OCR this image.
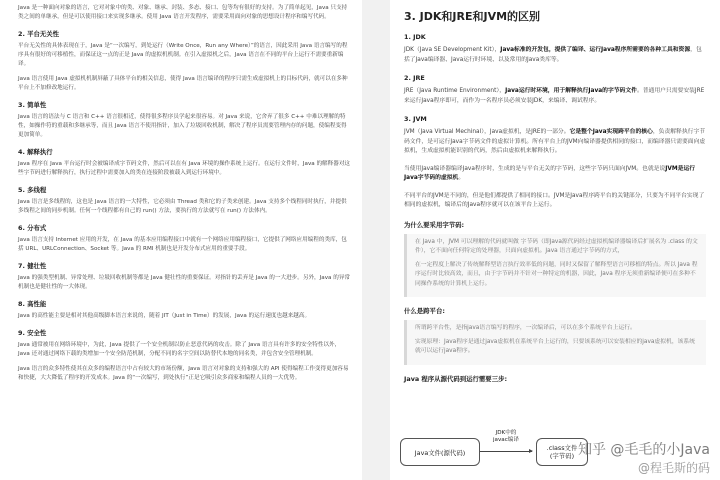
Java 是一种面向对象的语言，它对对象中的类、对象、继承、封装、多态、接口、包等均有很好的支持。为了简单起见，Java 只支持类之间的单继承，但是可以使用接口来实现多继承。使用 Java 语言开发程序，需要采用面向对象的思想设计程序和编写代码。

2. 平台无关性

平台无关性的具体表现在于，Java 是“一次编写，到处运行（Write Once，Run any Where）”的语言，因此采用 Java 语言编写的程序具有很好的可移植性，而保证这一点的正是 Java 的虚拟机机制。在引入虚拟机之后，Java 语言在不同的平台上运行不需要重新编译。

Java 语言使用 Java 虚拟机机制屏蔽了具体平台的相关信息，使得 Java 语言编译的程序只需生成虚拟机上的目标代码，就可以在多种平台上不加修改地运行。

3. 简单性

Java 语言的语法与 C 语言和 C++ 语言很相近，使得很多程序员学起来很容易。对 Java 来说，它舍弃了很多 C++ 中难以理解的特性，如操作符的重载和多继承等，而且 Java 语言不使用指针，加入了垃圾回收机制，解决了程序员需要管理内存的问题，使编程变得更加简单。

4. 解释执行

Java 程序在 Java 平台运行时会被编译成字节码文件，然后可以在有 Java 环境的操作系统上运行。在运行文件时，Java 的解释器对这些字节码进行解释执行，执行过程中需要加入的类在连接阶段被载入到运行环境中。

5. 多线程

Java 语言是多线程的，这也是 Java 语言的一大特性，它必须由 Thread 类和它的子类来创建。Java 支持多个线程同时执行，并提供多线程之间的同步机制。任何一个线程都有自己的 run() 方法，要执行的方法就写在 run() 方法体内。

6. 分布式

Java 语言支持 Internet 应用的开发，在 Java 的基本应用编程接口中就有一个网络应用编程接口，它提供了网络应用编程的类库，包括 URL、URLConnection、Socket 等。Java 的 RMI 机制也是开发分布式应用的重要手段。

7. 健壮性

Java 的强类型机制、异常处理、垃圾回收机制等都是 Java 健壮性的重要保证。对指针的丢弃是 Java 的一大进步。另外，Java 的异常机制也是健壮性的一大体现。

8. 高性能

Java 的高性能主要是相对其他高级脚本语言来说的，随着 JIT（Just in Time）的发展，Java 的运行速度也越来越高。

9. 安全性

Java 通常被用在网络环境中，为此，Java 提供了一个安全机制以防止恶意代码的攻击。除了 Java 语言具有许多的安全特性以外，Java 还对通过网络下载的类增加一个安全防范机制，分配不同的名字空间以防替代本地的同名类，并包含安全管理机制。

Java 语言的众多特性使其在众多的编程语言中占有较大的市场份额，Java 语言对对象的支持和强大的 API 使得编程工作变得更加容易和快捷，大大降低了程序的开发成本。Java 的“一次编写，到处执行”正是它吸引众多商家和编程人员的一大优势。

3. JDK和JRE和JVM的区别
1. JDK

JDK（Java SE Development Kit），Java标准的开发包，提供了编译、运行Java程序所需要的各种工具和资源，包括了Java编译器、Java运行时环境、以及常用的Java类库等。

2. JRE

JRE（Java Runtime Environment），Java运行时环境，用于解释执行Java的字节码文件。普通用户只需要安装JRE来运行Java程序即可，而作为一名程序员必须安装JDK，来编译、调试程序。

3. JVM

JVM（Java Virtual Mechinal），Java虚拟机，是JRE的一部分。它是整个Java实现跨平台的核心，负责解释执行字节码文件，是可运行Java字节码文件的虚拟计算机。所有平台上的JVM向编译器提供相同的接口，而编译器只需要面向虚拟机，生成虚拟机能识别的代码，然后由虚拟机来解释执行。

当使用Java编译器编译Java程序时，生成的是与平台无关的字节码，这些字节码只面向JVM。也就是说JVM是运行Java字节码的虚拟机。

不同平台的JVM是不同的，但是他们都提供了相同的接口。JVM是Java程序跨平台的关键部分，只要为不同平台实现了相同的虚拟机，编译后的Java程序就可以在该平台上运行。

为什么要采用字节码:

在 Java 中，JVM 可以理解的代码就叫做 字节码（即Java源代码经过虚拟机编译器编译后扩展名为 .class 的文件），它不面向任何特定的处理器，只面向虚拟机。Java 语言通过字节码的方式，

在一定程度上解决了传统解释型语言执行效率低的问题，同时又保留了解释型语言可移植的特点。所以 Java 程序运行时比较高效，而且，由于字节码并不针对一种特定的机器，因此，Java 程序无须重新编译便可在多种不同操作系统的计算机上运行。

什么是跨平台:

所谓跨平台性，是指java语言编写的程序，一次编译后，可以在多个系统平台上运行。

实现原理：Java程序是通过java虚拟机在系统平台上运行的，只要该系统可以安装相应的java虚拟机，该系统就可以运行java程序。

Java 程序从源代码到运行需要三步:
Java文件(源代码)
JDK中的
javac编译
.class文件
(字节码) 知乎 @毛毛的小Java
@程毛斯的码
